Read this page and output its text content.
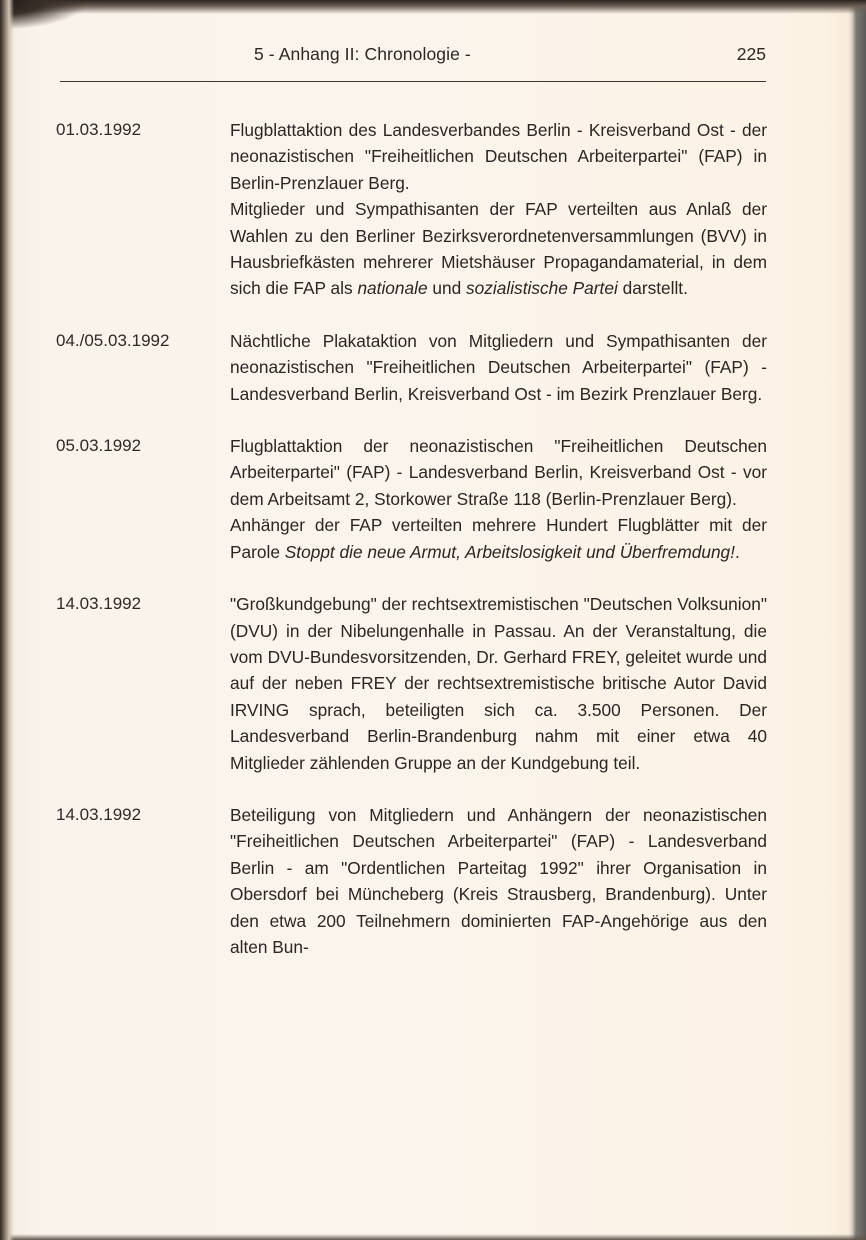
5 - Anhang II: Chronologie -	225
01.03.1992	Flugblattaktion des Landesverbandes Berlin - Kreisverband Ost - der neonazistischen "Freiheitlichen Deutschen Arbeiterpartei" (FAP) in Berlin-Prenzlauer Berg.

Mitglieder und Sympathisanten der FAP verteilten aus Anlaß der Wahlen zu den Berliner Bezirksverordnetenversammlungen (BVV) in Hausbriefkästen mehrerer Mietshäuser Propagandamaterial, in dem sich die FAP als nationale und sozialistische Partei darstellt.

04./05.03.1992	Nächtliche Plakataktion von Mitgliedern und Sympathisanten der neonazistischen "Freiheitlichen Deutschen Arbeiterpartei" (FAP) - Landesverband Berlin, Kreisverband Ost - im Bezirk Prenzlauer Berg.

05.03.1992	Flugblattaktion der neonazistischen "Freiheitlichen Deutschen Arbeiterpartei" (FAP) - Landesverband Berlin, Kreisverband Ost - vor dem Arbeitsamt 2, Storkower Straße 118 (Berlin-Prenzlauer Berg).

Anhänger der FAP verteilten mehrere Hundert Flugblätter mit der Parole Stoppt die neue Armut, Arbeitslosigkeit und Überfremdung!.

14.03.1992	"Großkundgebung" der rechtsextremistischen "Deutschen Volksunion" (DVU) in der Nibelungenhalle in Passau. An der Veranstaltung, die vom DVU-Bundesvorsitzenden, Dr. Gerhard FREY, geleitet wurde und auf der neben FREY der rechtsextremistische britische Autor David IRVING sprach, beteiligten sich ca. 3.500 Personen. Der Landesverband Berlin-Brandenburg nahm mit einer etwa 40 Mitglieder zählenden Gruppe an der Kundgebung teil.

14.03.1992	Beteiligung von Mitgliedern und Anhängern der neonazistischen "Freiheitlichen Deutschen Arbeiterpartei" (FAP) - Landesverband Berlin - am "Ordentlichen Parteitag 1992" ihrer Organisation in Obersdorf bei Müncheberg (Kreis Strausberg, Brandenburg). Unter den etwa 200 Teilnehmern dominierten FAP-Angehörige aus den alten Bun-
